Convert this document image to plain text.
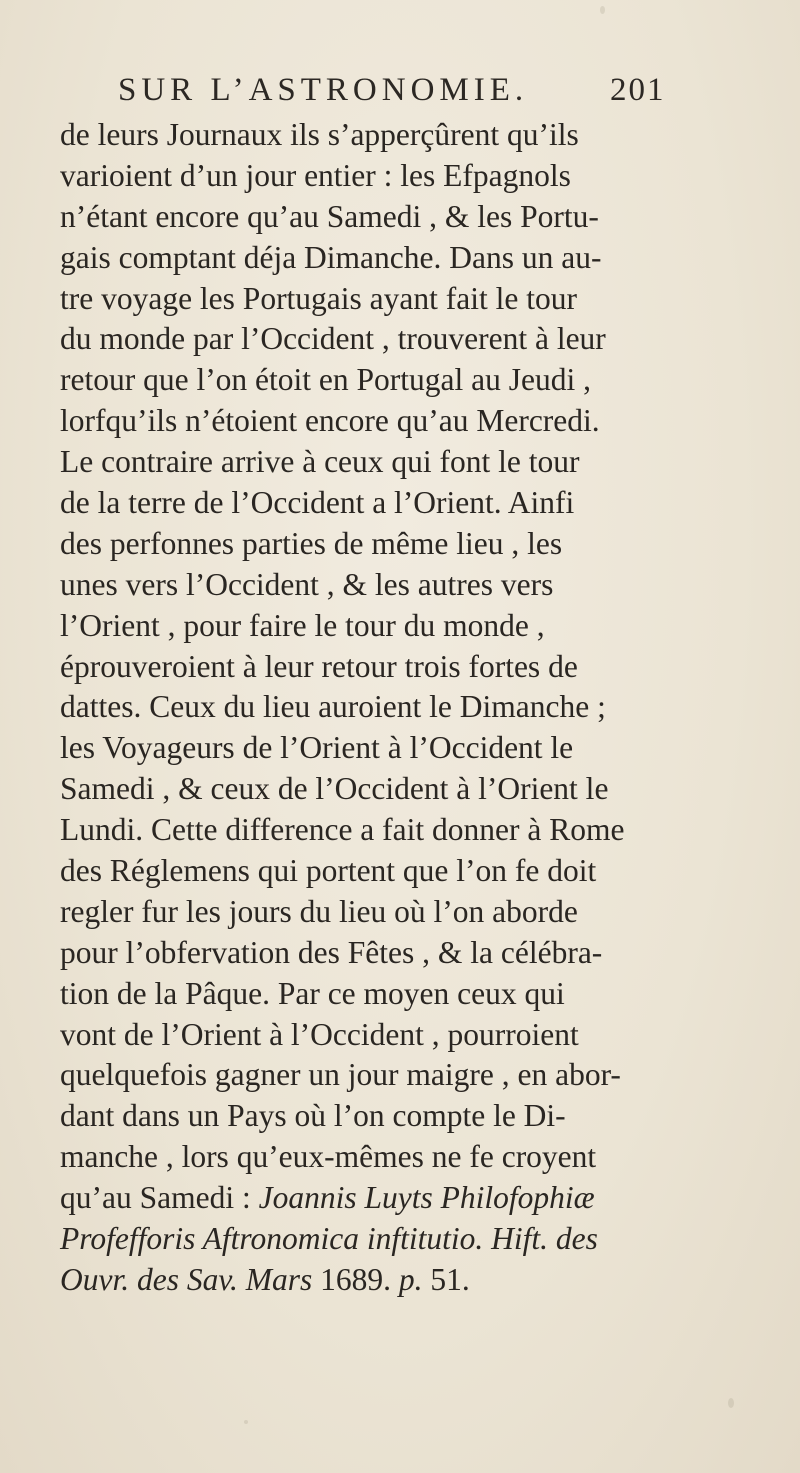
SUR L’ASTRONOMIE. 201
de leurs Journaux ils s’apperçûrent qu’ils
varioient d’un jour entier : les Efpagnols
n’étant encore qu’au Samedi , & les Portu-
gais comptant déja Dimanche. Dans un au-
tre voyage les Portugais ayant fait le tour
du monde par l’Occident , trouverent à leur
retour que l’on étoit en Portugal au Jeudi ,
lorfqu’ils n’étoient encore qu’au Mercredi.
Le contraire arrive à ceux qui font le tour
de la terre de l’Occident a l’Orient. Ainfi
des perfonnes parties de même lieu , les
unes vers l’Occident , & les autres vers
l’Orient , pour faire le tour du monde ,
éprouveroient à leur retour trois fortes de
dattes. Ceux du lieu auroient le Dimanche ;
les Voyageurs de l’Orient à l’Occident le
Samedi , & ceux de l’Occident à l’Orient le
Lundi. Cette difference a fait donner à Rome
des Réglemens qui portent que l’on fe doit
regler fur les jours du lieu où l’on aborde
pour l’obfervation des Fêtes , & la célébra-
tion de la Pâque. Par ce moyen ceux qui
vont de l’Orient à l’Occident , pourroient
quelquefois gagner un jour maigre , en abor-
dant dans un Pays où l’on compte le Di-
manche , lors qu’eux-mêmes ne fe croyent
qu’au Samedi : Joannis Luyts Philofophiæ
Profefforis Aftronomica inftitutio. Hift. des
Ouvr. des Sav. Mars 1689. p. 51.
